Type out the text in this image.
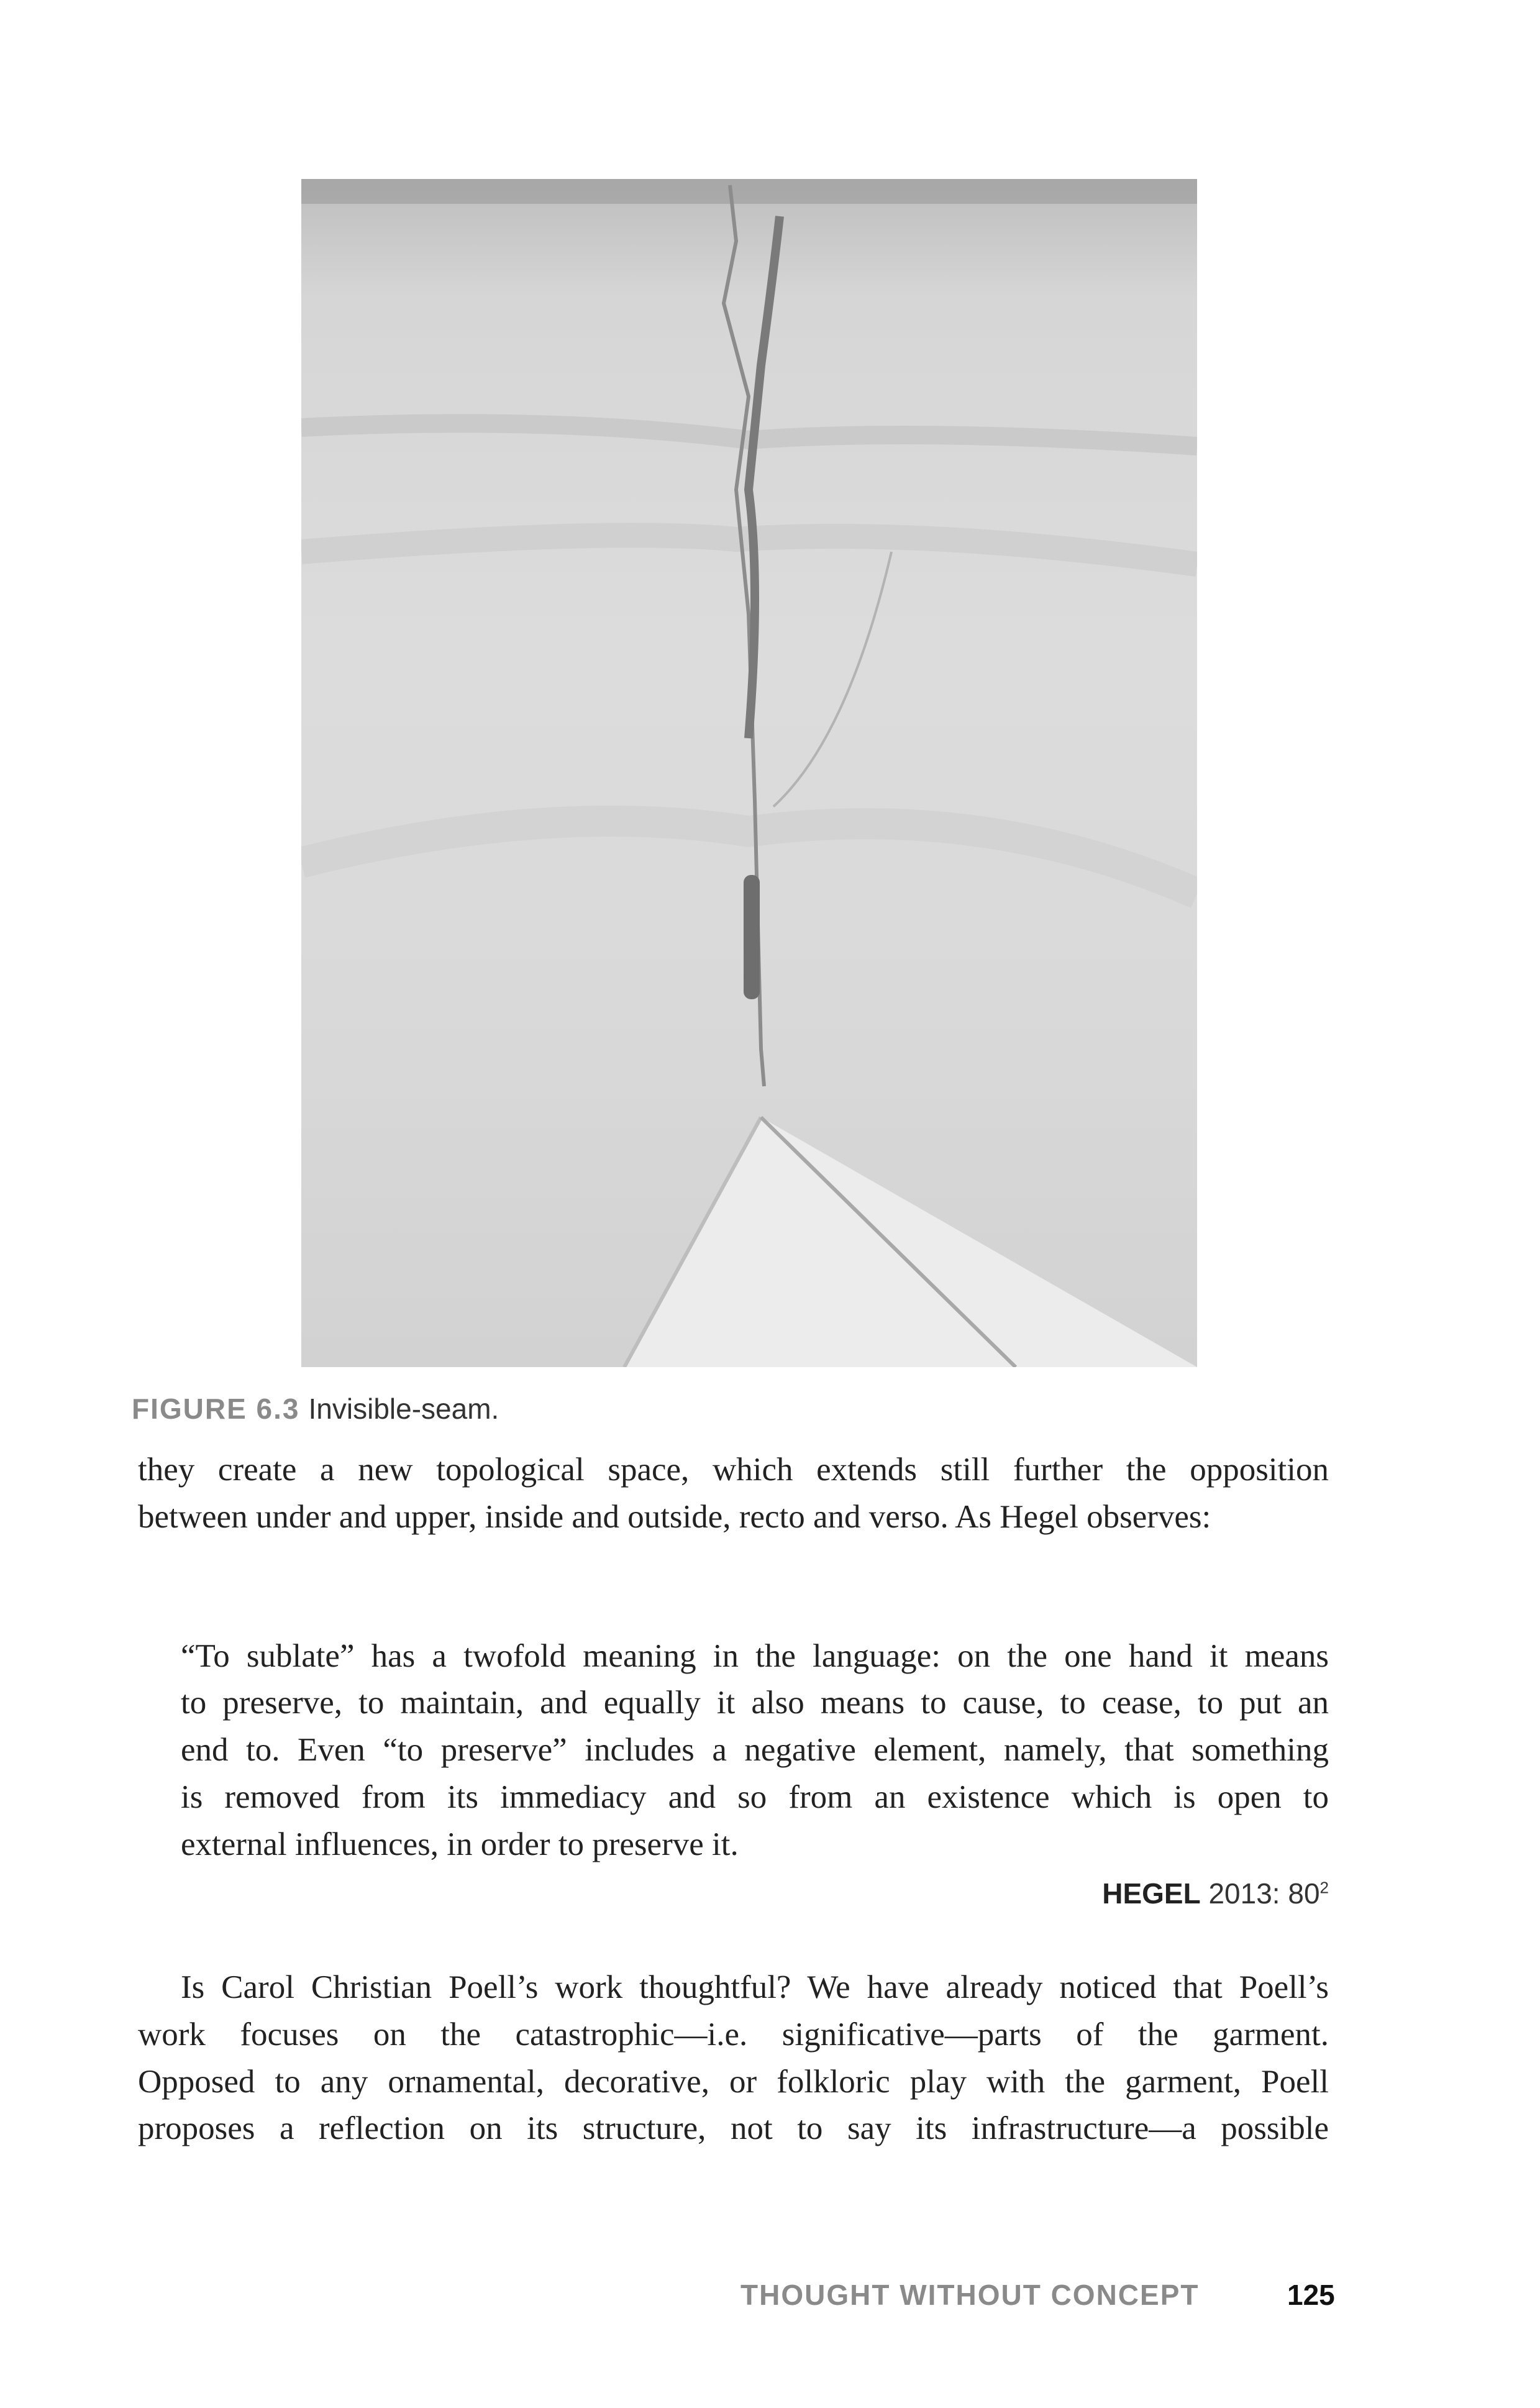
FIGURE 6.3 Invisible-seam.
they create a new topological space, which extends still further the opposition
between under and upper, inside and outside, recto and verso. As Hegel observes:
“To sublate” has a twofold meaning in the language: on the one hand it means
to preserve, to maintain, and equally it also means to cause, to cease, to put an
end to. Even “to preserve” includes a negative element, namely, that something
is removed from its immediacy and so from an existence which is open to
external influences, in order to preserve it.
HEGEL 2013: $80^2$
Is Carol Christian Poell’s work thoughtful? We have already noticed that Poell’s
work focuses on the catastrophic—i.e. significative—parts of the garment.
Opposed to any ornamental, decorative, or folkloric play with the garment, Poell
proposes a reflection on its structure, not to say its infrastructure—a possible
THOUGHT WITHOUT CONCEPT	125
